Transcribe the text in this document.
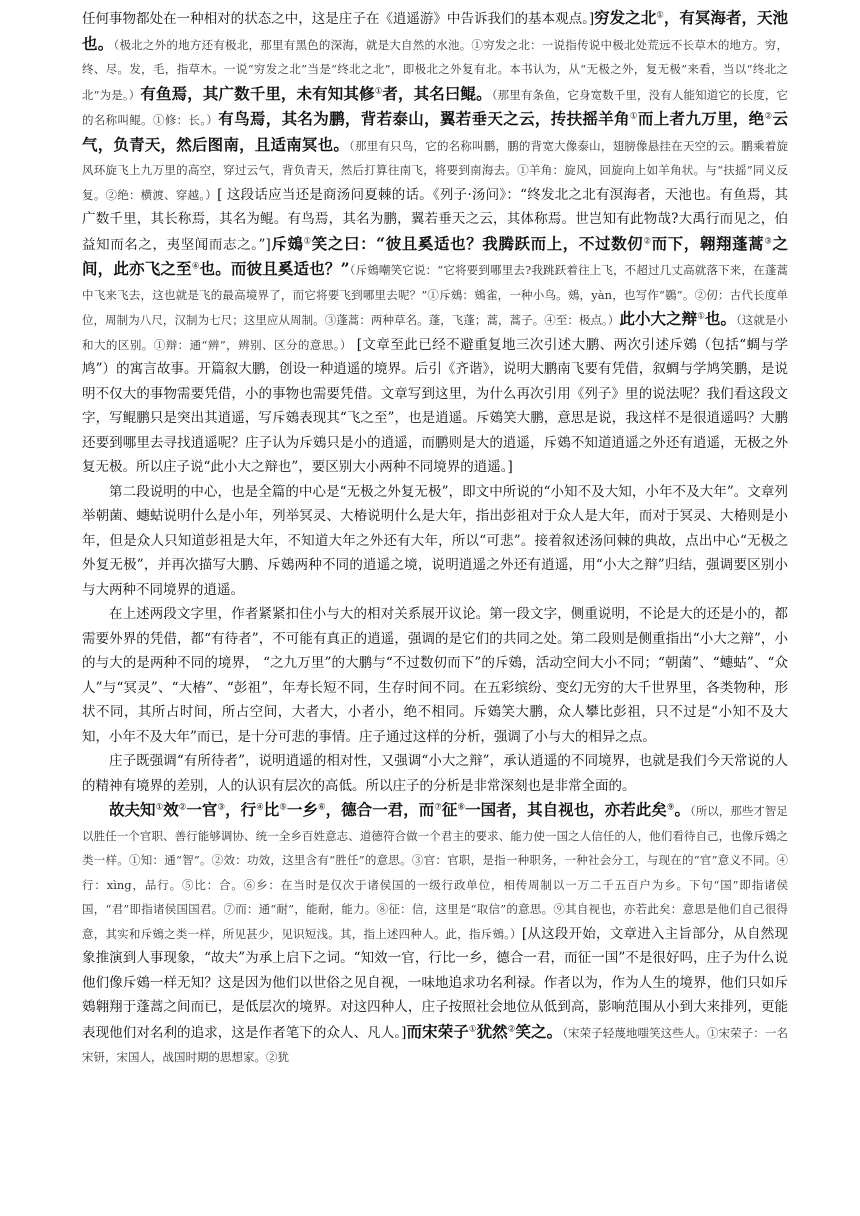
任何事物都处在一种相对的状态之中，这是庄子在《逍遥游》中告诉我们的基本观点。]穷发之北①，有冥海者，天池也。（极北之外的地方还有极北，那里有黑色的深海，就是大自然的水池。①穷发之北：一说指传说中极北处荒远不长草木的地方。穷，终、尽。发，毛，指草木。一说“穷发之北”当是“终北之北”，即极北之外复有北。本书认为，从“无极之外，复无极”来看，当以“终北之北”为是。）有鱼焉，其广数千里，未有知其修①者，其名曰鲲。（那里有条鱼，它身宽数千里，没有人能知道它的长度，它的名称叫鲲。①修：长。）有鸟焉，其名为鹏，背若泰山，翼若垂天之云，抟扶摇羊角①而上者九万里，绝②云气，负青天，然后图南，且适南冥也。（那里有只鸟，它的名称叫鹏，鹏的背宽大像泰山，翅膀像悬挂在天空的云。鹏乘着旋风环旋飞上九万里的高空，穿过云气，背负青天，然后打算往南飞，将要到南海去。①羊角：旋风，回旋向上如羊角状。与“扶摇”同义反复。②绝：横渡、穿越。）[ 这段话应当还是商汤问夏棘的话。《列子·汤问》：“终发北之北有溟海者，天池也。有鱼焉，其广数千里，其长称焉，其名为鲲。有鸟焉，其名为鹏，翼若垂天之云，其体称焉。世岂知有此物哉?大禹行而见之，伯益知而名之，夷坚闻而志之。”]斥鴳①笑之曰：“彼且奚适也？我腾跃而上，不过数仞②而下，翱翔蓬蒿③之间，此亦飞之至④也。而彼且奚适也？”（斥鴳嘲笑它说：“它将要到哪里去?我跳跃着往上飞，不超过几丈高就落下来，在蓬蒿中飞来飞去，这也就是飞的最高境界了，而它将要飞到哪里去呢？”①斥鴳：鴳雀，一种小鸟。鴳，yàn，也写作“鷃”。②仞：古代长度单位，周制为八尺，汉制为七尺；这里应从周制。③蓬蒿：两种草名。蓬，飞蓬；蒿，蒿子。④至：极点。）此小大之辩①也。（这就是小和大的区别。①辩：通“辨”，辨别、区分的意思。） [文章至此已经不避重复地三次引述大鹏、两次引述斥鴳（包括“蜩与学鸠”）的寓言故事。开篇叙大鹏，创设一种逍遥的境界。后引《齐谐》，说明大鹏南飞要有凭借，叙蜩与学鸠笑鹏，是说明不仅大的事物需要凭借，小的事物也需要凭借。文章写到这里，为什么再次引用《列子》里的说法呢？我们看这段文字，写鲲鹏只是突出其逍遥，写斥鴳表现其“飞之至”，也是逍遥。斥鴳笑大鹏，意思是说，我这样不是很逍遥吗？大鹏还要到哪里去寻找逍遥呢？庄子认为斥鴳只是小的逍遥，而鹏则是大的逍遥，斥鴳不知道逍遥之外还有逍遥，无极之外复无极。所以庄子说“此小大之辩也”，要区别大小两种不同境界的逍遥。]

第二段说明的中心，也是全篇的中心是“无极之外复无极”，即文中所说的“小知不及大知，小年不及大年”。文章列举朝菌、蟪蛄说明什么是小年，列举冥灵、大椿说明什么是大年，指出彭祖对于众人是大年，而对于冥灵、大椿则是小年，但是众人只知道彭祖是大年，不知道大年之外还有大年，所以“可悲”。接着叙述汤问棘的典故，点出中心“无极之外复无极”，并再次描写大鹏、斥鴳两种不同的逍遥之境，说明逍遥之外还有逍遥，用“小大之辩”归结，强调要区别小与大两种不同境界的逍遥。

在上述两段文字里，作者紧紧扣住小与大的相对关系展开议论。第一段文字，侧重说明，不论是大的还是小的，都需要外界的凭借，都“有待者”，不可能有真正的逍遥，强调的是它们的共同之处。第二段则是侧重指出“小大之辩”，小的与大的是两种不同的境界， “之九万里”的大鹏与“不过数仞而下”的斥鴳，活动空间大小不同；“朝菌”、“蟪蛄”、“众人”与“冥灵”、“大椿”、“彭祖”，年寿长短不同，生存时间不同。在五彩缤纷、变幻无穷的大千世界里，各类物种，形状不同，其所占时间，所占空间，大者大，小者小，绝不相同。斥鴳笑大鹏，众人攀比彭祖，只不过是“小知不及大知，小年不及大年”而已，是十分可悲的事情。庄子通过这样的分析，强调了小与大的相异之点。

庄子既强调“有所待者”，说明逍遥的相对性，又强调“小大之辩”，承认逍遥的不同境界，也就是我们今天常说的人的精神有境界的差别，人的认识有层次的高低。所以庄子的分析是非常深刻也是非常全面的。

故夫知①效②一官③，行④比⑤一乡⑥，德合一君，而⑦征⑧一国者，其自视也，亦若此矣⑨。（所以，那些才智足以胜任一个官职、善行能够调协、统一全乡百姓意志、道德符合做一个君主的要求、能力使一国之人信任的人，他们看待自己，也像斥鴳之类一样。①知：通“智”。②效：功效，这里含有“胜任”的意思。③官：官职，是指一种职务，一种社会分工，与现在的“官”意义不同。④行：xìng，品行。⑤比：合。⑥乡：在当时是仅次于诸侯国的一级行政单位，相传周制以一万二千五百户为乡。下句“国”即指诸侯国，“君”即指诸侯国国君。⑦而：通“耐”，能耐，能力。⑧征：信，这里是“取信”的意思。⑨其自视也，亦若此矣：意思是他们自己很得意，其实和斥鴳之类一样，所见甚少，见识短浅。其，指上述四种人。此，指斥鴳。）[从这段开始，文章进入主旨部分，从自然现象推演到人事现象，“故夫”为承上启下之词。“知效一官，行比一乡，德合一君，而征一国”不是很好吗，庄子为什么说他们像斥鴳一样无知？这是因为他们以世俗之见自视，一味地追求功名利禄。作者以为，作为人生的境界，他们只如斥鴳翱翔于蓬蒿之间而已，是低层次的境界。对这四种人，庄子按照社会地位从低到高，影响范围从小到大来排列，更能表现他们对名利的追求，这是作者笔下的众人、凡人。]而宋荣子①犹然②笑之。（宋荣子轻蔑地嗤笑这些人。①宋荣子：一名宋钘，宋国人，战国时期的思想家。②犹
